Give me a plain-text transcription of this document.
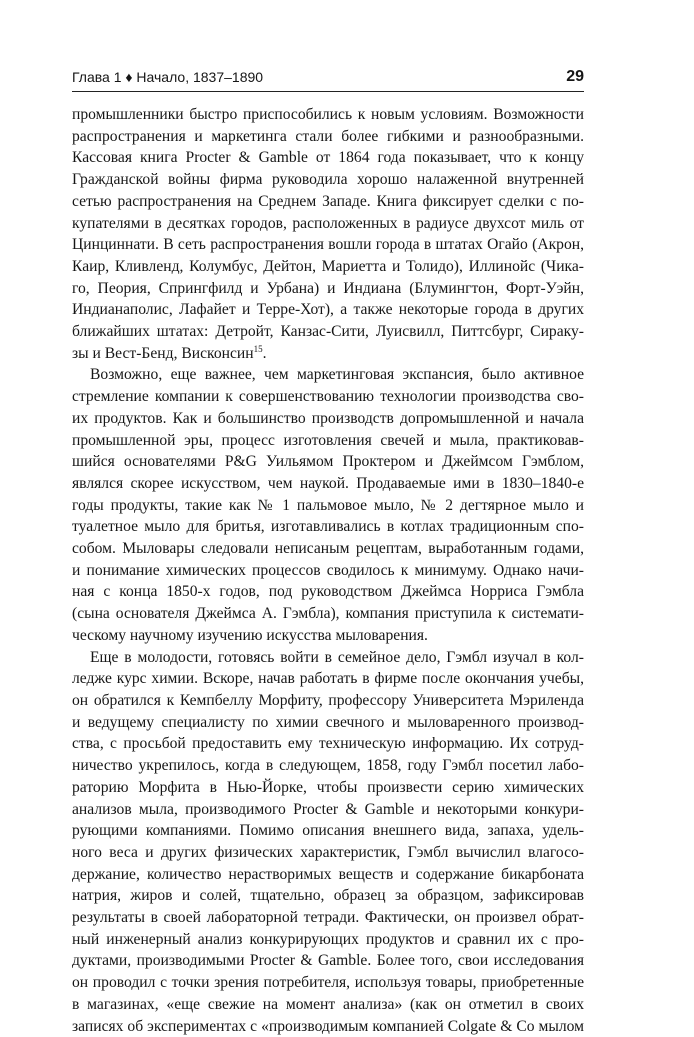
Глава 1 ♦ Начало, 1837–1890	29
промышленники быстро приспособились к новым условиям. Возможности
распространения и маркетинга стали более гибкими и разнообразными.
Кассовая книга Procter & Gamble от 1864 года показывает, что к концу
Гражданской войны фирма руководила хорошо налаженной внутренней
сетью распространения на Среднем Западе. Книга фиксирует сделки с по-
купателями в десятках городов, расположенных в радиусе двухсот миль от
Цинциннати. В сеть распространения вошли города в штатах Огайо (Акрон,
Каир, Кливленд, Колумбус, Дейтон, Мариетта и Толидо), Иллинойс (Чика-
го, Пеория, Спрингфилд и Урбана) и Индиана (Блумингтон, Форт-Уэйн,
Индианаполис, Лафайет и Терре-Хот), а также некоторые города в других
ближайших штатах: Детройт, Канзас-Сити, Луисвилл, Питтсбург, Сираку-
зы и Вест-Бенд, Висконсин$^{15}$.
Возможно, еще важнее, чем маркетинговая экспансия, было активное
стремление компании к совершенствованию технологии производства сво-
их продуктов. Как и большинство производств допромышленной и начала
промышленной эры, процесс изготовления свечей и мыла, практиковав-
шийся основателями P&G Уильямом Проктером и Джеймсом Гэмблом,
являлся скорее искусством, чем наукой. Продаваемые ими в 1830–1840-е
годы продукты, такие как № 1 пальмовое мыло, № 2 дегтярное мыло и
туалетное мыло для бритья, изготавливались в котлах традиционным спо-
собом. Мыловары следовали неписаным рецептам, выработанным годами,
и понимание химических процессов сводилось к минимуму. Однако начи-
ная с конца 1850-х годов, под руководством Джеймса Норриса Гэмбла
(сына основателя Джеймса А. Гэмбла), компания приступила к системати-
ческому научному изучению искусства мыловарения.
Еще в молодости, готовясь войти в семейное дело, Гэмбл изучал в кол-
ледже курс химии. Вскоре, начав работать в фирме после окончания учебы,
он обратился к Кемпбеллу Морфиту, профессору Университета Мэриленда
и ведущему специалисту по химии свечного и мыловаренного производ-
ства, с просьбой предоставить ему техническую информацию. Их сотруд-
ничество укрепилось, когда в следующем, 1858, году Гэмбл посетил лабо-
раторию Морфита в Нью-Йорке, чтобы произвести серию химических
анализов мыла, производимого Procter & Gamble и некоторыми конкури-
рующими компаниями. Помимо описания внешнего вида, запаха, удель-
ного веса и других физических характеристик, Гэмбл вычислил влагосо-
держание, количество нерастворимых веществ и содержание бикарбоната
натрия, жиров и солей, тщательно, образец за образцом, зафиксировав
результаты в своей лабораторной тетради. Фактически, он произвел обрат-
ный инженерный анализ конкурирующих продуктов и сравнил их с про-
дуктами, производимыми Procter & Gamble. Более того, свои исследования
он проводил с точки зрения потребителя, используя товары, приобретенные
в магазинах, «еще свежие на момент анализа» (как он отметил в своих
записях об экспериментах с «производимым компанией Colgate & Co мылом
